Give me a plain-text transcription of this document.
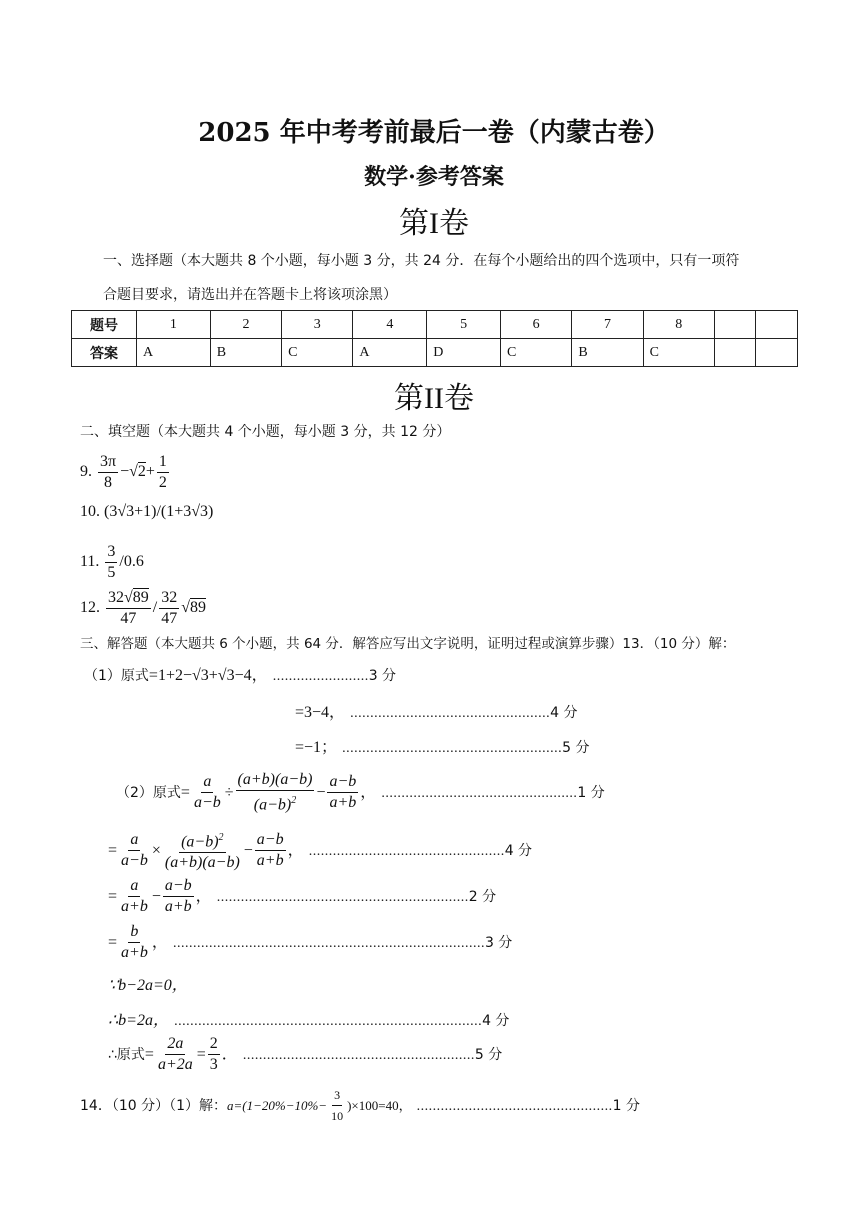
2025 年中考考前最后一卷（内蒙古卷）
数学·参考答案
第I卷
一、选择题（本大题共 8 个小题，每小题 3 分，共 24 分．在每个小题给出的四个选项中，只有一项符
合题目要求，请选出并在答题卡上将该项涂黑）
题号	1	2	3	4	5	6	7	8		
答案	A	B	C	A	D	C	B	C		
第II卷
二、填空题（本大题共 4 个小题，每小题 3 分，共 12 分）
9. $\frac{3\pi}{8} -√2+ \frac{1}{2}$
10. (3√3+1)/(1+3√3)
11. $\frac{3}{5} /0.6$
12. $\frac{32√89}{47} / \frac{32}{47} √89$
三、解答题（本大题共 6 个小题，共 64 分．解答应写出文字说明，证明过程或演算步骤）13．（10 分）解：
（1）原式=1+2−√3+√3−4， ........................3 分
=3−4， ..................................................4 分
=−1； .......................................................5 分
（2）原式= $\frac{a}{a-b} \div \frac{(a+b)(a-b)}{(a-b)^2} - \frac{a-b}{a+b}$ ， .................................................1 分
= $\frac{a}{a-b} \times \frac{(a-b)^2}{(a+b)(a-b)} - \frac{a-b}{a+b}$ ， .................................................4 分
= $\frac{a}{a+b} - \frac{a-b}{a+b}$ ， ...............................................................2 分
= $\frac{b}{a+b}$ ， ..............................................................................3 分
∵b−2a=0，
∴b=2a， .............................................................................4 分
∴原式= $\frac{2a}{a+2a} = \frac{2}{3}$ ． ..........................................................5 分
14．（10 分）（1）解：$a=(1-20\%-10\%- \frac{3}{10} )\times 100=40$， .................................................1 分
